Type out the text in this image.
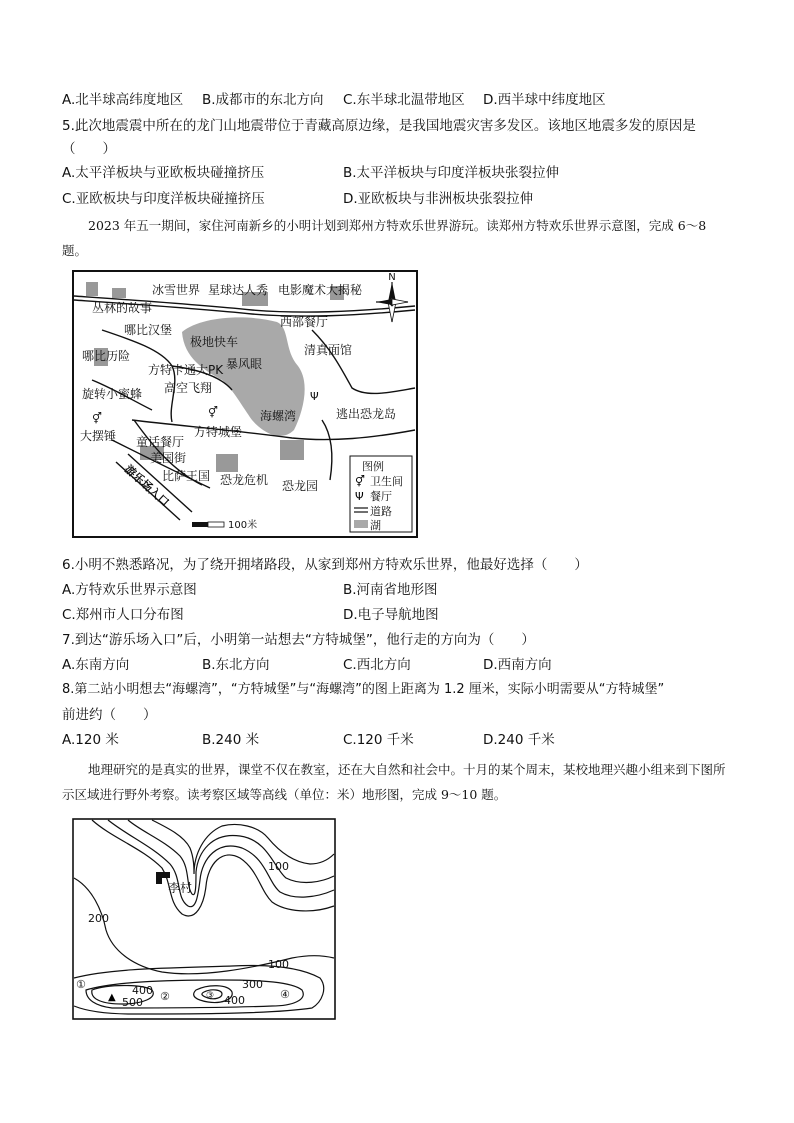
A.北半球高纬度地区 B.成都市的东北方向 C.东半球北温带地区 D.西半球中纬度地区
5.此次地震震中所在的龙门山地震带位于青藏高原边缘，是我国地震灾害多发区。该地区地震多发的原因是
（　　）
A.太平洋板块与亚欧板块碰撞挤压	B.太平洋板块与印度洋板块张裂拉伸
C.亚欧板块与印度洋板块碰撞挤压	D.亚欧板块与非洲板块张裂拉伸
2023 年五一期间，家住河南新乡的小明计划到郑州方特欢乐世界游玩。读郑州方特欢乐世界示意图，完成 6～8 题。
N
冰雪世界 星球达人秀 电影魔术大揭秘
丛林的故事
哪比汉堡
极地快车
西部餐厅
哪比历险
方特卡通大PK 暴风眼
清真面馆
旋转小蜜蜂 高空飞翔
海螺湾	逃出恐龙岛
方特城堡
大摆锤 童话餐厅
美国街
比萨王国 恐龙危机 恐龙园
游乐场入口
⚥	⚥
Ψ
100米
图例
⚥ 卫生间
Ψ 餐厅
道路
湖
6.小明不熟悉路况，为了绕开拥堵路段，从家到郑州方特欢乐世界，他最好选择（　　）
A.方特欢乐世界示意图	B.河南省地形图
C.郑州市人口分布图	D.电子导航地图
7.到达“游乐场入口”后，小明第一站想去“方特城堡”，他行走的方向为（　　）
A.东南方向	B.东北方向	C.西北方向	D.西南方向
8.第二站小明想去“海螺湾”，“方特城堡”与“海螺湾”的图上距离为 1.2 厘米，实际小明需要从“方特城堡”
前进约（　　）
A.120 米	B.240 米	C.120 千米	D.240 千米
地理研究的是真实的世界，课堂不仅在教室，还在大自然和社会中。十月的某个周末，某校地理兴趣小组来到下图所示区域进行野外考察。读考察区域等高线（单位：米）地形图，完成 9～10 题。
李村
100
200
100
300
400
500	400
▲
①
②	③	④
